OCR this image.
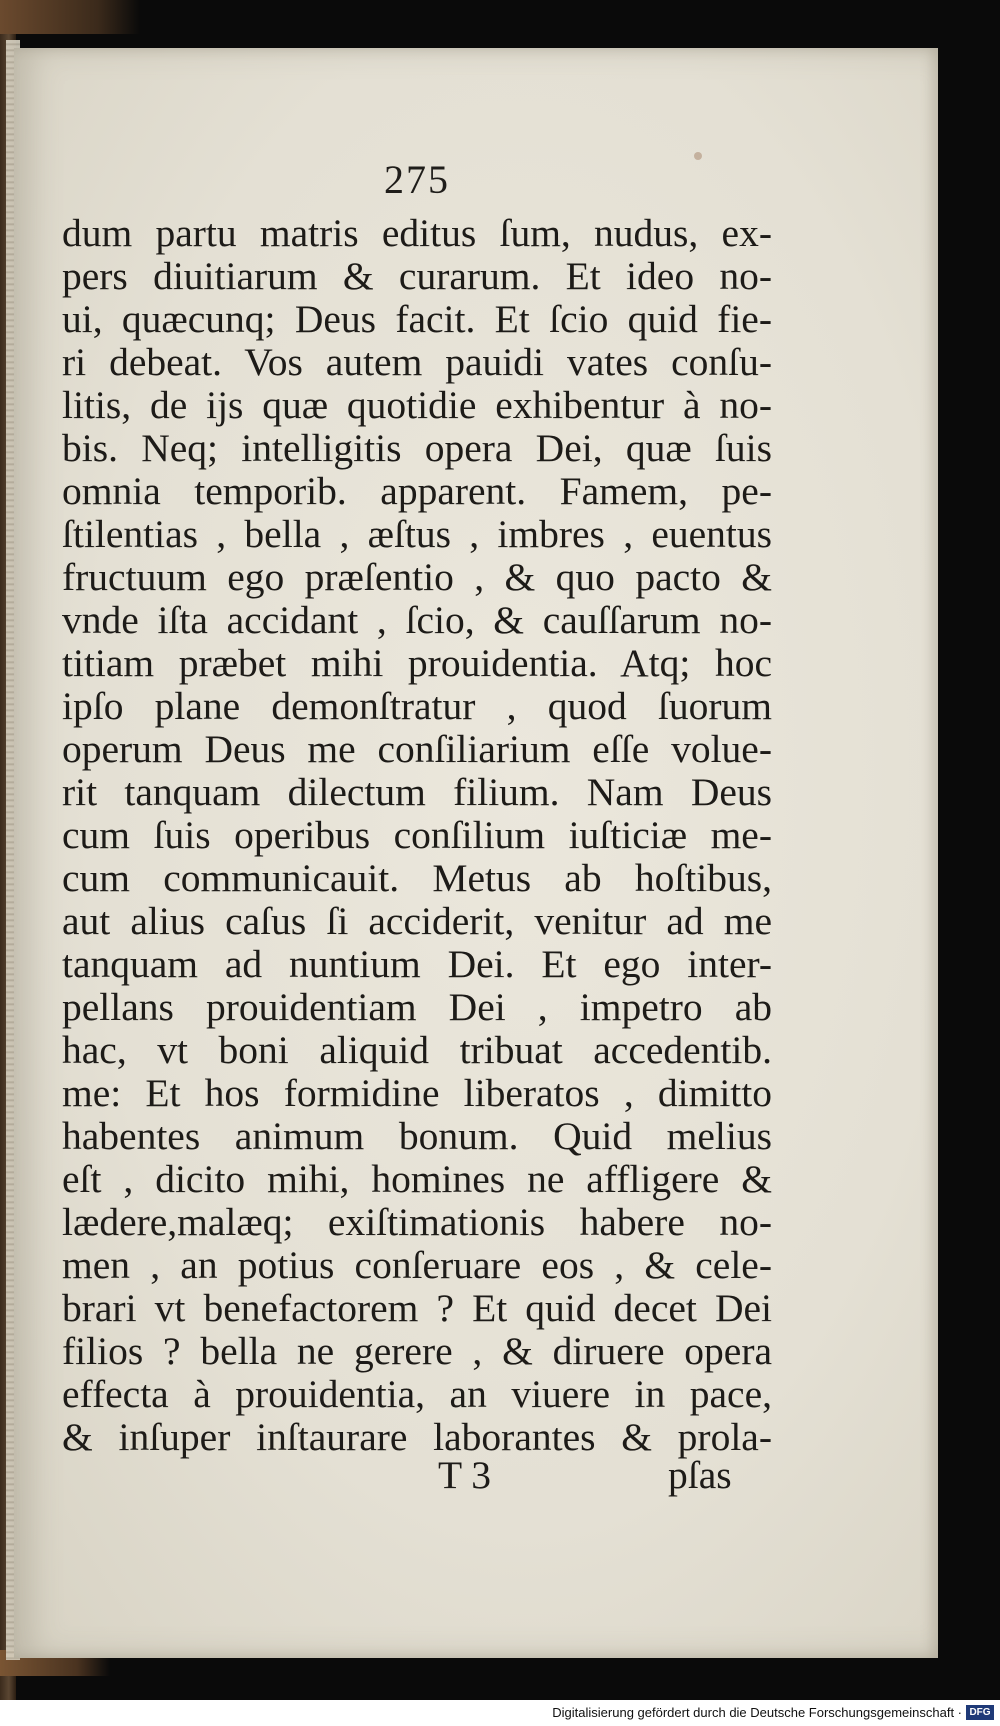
275
dum partu matris editus ſum, nudus, ex-
pers diuitiarum & curarum. Et ideo no-
ui, quæcunq; Deus facit. Et ſcio quid fie-
ri debeat. Vos autem pauidi vates conſu-
litis, de ijs quæ quotidie exhibentur à no-
bis. Neq; intelligitis opera Dei, quæ ſuis
omnia temporib. apparent. Famem, pe-
ſtilentias , bella , æſtus , imbres , euentus
fructuum ego præſentio , & quo pacto &
vnde iſta accidant , ſcio, & cauſſarum no-
titiam præbet mihi prouidentia. Atq; hoc
ipſo plane demonſtratur , quod ſuorum
operum Deus me conſiliarium eſſe volue-
rit tanquam dilectum filium. Nam Deus
cum ſuis operibus conſilium iuſticiæ me-
cum communicauit. Metus ab hoſtibus,
aut alius caſus ſi acciderit, venitur ad me
tanquam ad nuntium Dei. Et ego inter-
pellans prouidentiam Dei , impetro ab
hac, vt boni aliquid tribuat accedentib.
me: Et hos formidine liberatos , dimitto
habentes animum bonum. Quid melius
eſt , dicito mihi, homines ne affligere &
lædere,malæq; exiſtimationis habere no-
men , an potius conſeruare eos , & cele-
brari vt benefactorem ? Et quid decet Dei
filios ? bella ne gerere , & diruere opera
effecta à prouidentia, an viuere in pace,
& inſuper inſtaurare laborantes & prola-
T 3	pſas
Digitalisierung gefördert durch die Deutsche Forschungsgemeinschaft · DFG
